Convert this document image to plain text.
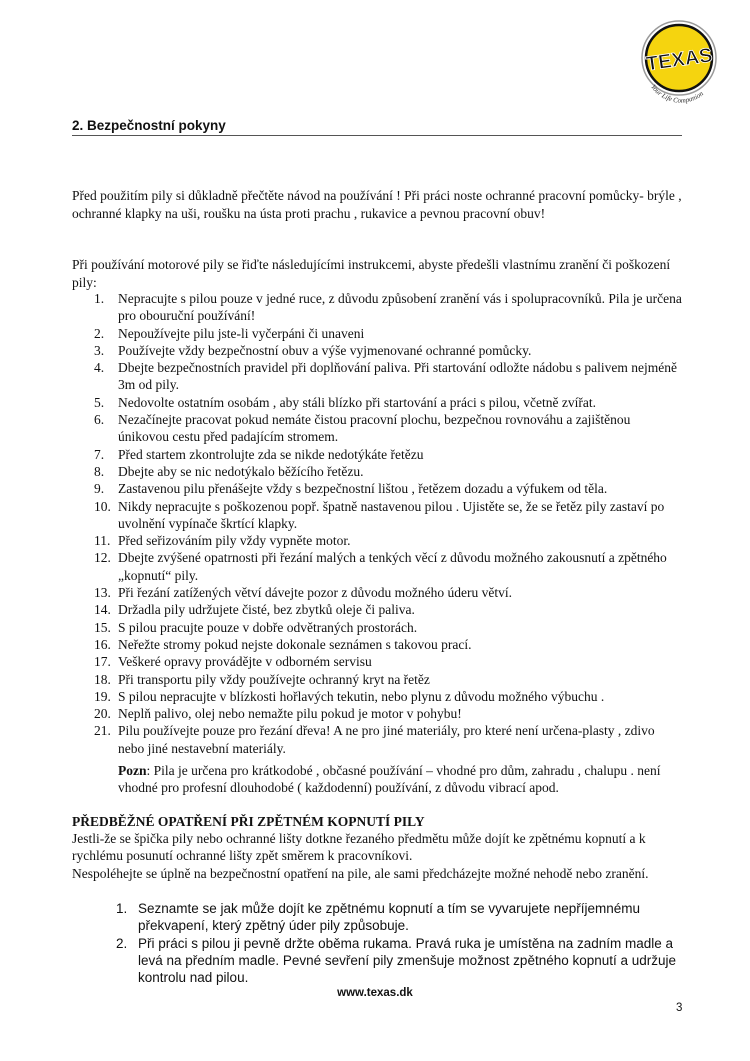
TEXAS
Your Life Companion
2. Bezpečnostní pokyny
Před použitím pily si důkladně přečtěte návod na používání ! Při práci noste ochranné pracovní pomůcky- brýle , ochranné klapky na uši, roušku na ústa proti prachu , rukavice a pevnou pracovní obuv!
Při používání motorové pily se řiďte následujícími instrukcemi, abyste předešli vlastnímu zranění či poškození pily:
1. Nepracujte s pilou pouze v jedné ruce, z důvodu způsobení zranění vás i spolupracovníků. Pila je určena pro obouruční používání!
2. Nepoužívejte pilu jste-li vyčerpáni či unaveni
3. Používejte vždy bezpečnostní obuv a výše vyjmenované ochranné pomůcky.
4. Dbejte bezpečnostních pravidel při doplňování paliva. Při startování odložte nádobu s palivem nejméně 3m od pily.
5. Nedovolte ostatním osobám , aby stáli blízko při startování a práci s pilou, včetně zvířat.
6. Nezačínejte pracovat pokud nemáte čistou pracovní plochu, bezpečnou rovnováhu a zajištěnou únikovou cestu před padajícím stromem.
7. Před startem zkontrolujte zda se nikde nedotýkáte řetězu
8. Dbejte aby se nic nedotýkalo běžícího řetězu.
9. Zastavenou pilu přenášejte vždy s bezpečnostní lištou , řetězem dozadu a výfukem od těla.
10. Nikdy nepracujte s poškozenou popř. špatně nastavenou pilou . Ujistěte se, že se řetěz pily zastaví po uvolnění vypínače škrtící klapky.
11. Před seřizováním pily vždy vypněte motor.
12. Dbejte zvýšené opatrnosti při řezání malých a tenkých věcí z důvodu možného zakousnutí a zpětného „kopnutí“ pily.
13. Při řezání zatížených větví dávejte pozor z důvodu možného úderu větví.
14. Držadla pily udržujete čisté, bez zbytků oleje či paliva.
15. S pilou pracujte pouze v dobře odvětraných prostorách.
16. Neřežte stromy pokud nejste dokonale seznámen s takovou prací.
17. Veškeré opravy provádějte v odborném servisu
18. Při transportu pily vždy používejte ochranný kryt na řetěz
19. S pilou nepracujte v blízkosti hořlavých tekutin, nebo plynu z důvodu možného výbuchu .
20. Neplň palivo, olej nebo nemažte pilu pokud je motor v pohybu!
21. Pilu používejte pouze pro řezání dřeva! A ne pro jiné materiály, pro které není určena-plasty , zdivo nebo jiné nestavební materiály.
Pozn: Pila je určena pro krátkodobé , občasné používání – vhodné pro dům, zahradu , chalupu . není vhodné pro profesní dlouhodobé ( každodenní) používání, z důvodu vibrací apod.
PŘEDBĚŽNÉ OPATŘENÍ PŘI ZPĚTNÉM KOPNUTÍ PILY
Jestli-že se špička pily nebo ochranné lišty dotkne řezaného předmětu může dojít ke zpětnému kopnutí a k rychlému posunutí ochranné lišty zpět směrem k pracovníkovi.
Nespoléhejte se úplně na bezpečnostní opatření na pile, ale sami předcházejte možné nehodě nebo zranění.
1. Seznamte se jak může dojít ke zpětnému kopnutí a tím se vyvarujete nepříjemnému překvapení, který zpětný úder pily způsobuje.
2. Při práci s pilou ji pevně držte oběma rukama. Pravá ruka je umístěna na zadním madle a levá na předním madle. Pevné sevření pily zmenšuje možnost zpětného kopnutí a udržuje kontrolu nad pilou.
www.texas.dk
3
